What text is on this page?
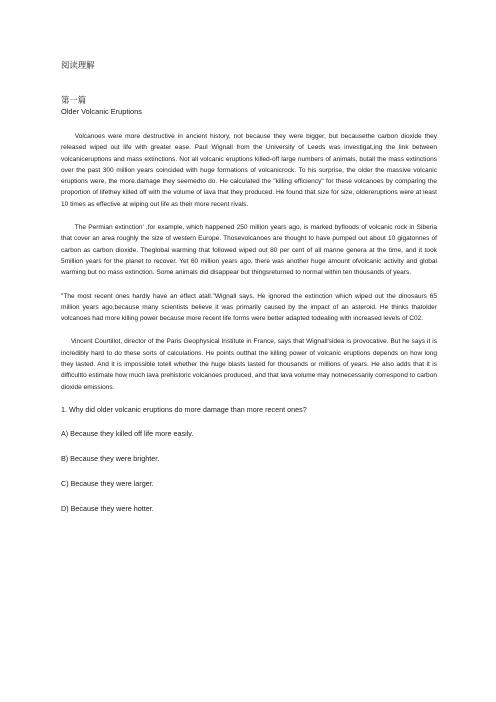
阅读理解

第一篇

Older Volcanic Eruptions

Volcanoes were more destructive in ancient history, not because they were bigger, but becausethe carbon dioxide they released wiped out life with greater ease. Paul Wignall from the University of Leeds was investigat,ing the link between volcaniceruptions and mass extinctions. Not all volcanic eruptions killed-off large numbers of animals, butall the mass extinctions over the past 300 million years coincided with huge formations of volcanicrock. To his surprise, the older the massive volcanic eruptions were, the more.damage they seemedto do. He calculated the "killing efficiency" for these volcanoes by comparing the proportion of lifethey killed off with the volume of lava that they produced. He found that size for size, oldereruptions were at least 10 times as effective at wiping out life as their more recent rivals.

The Permian extinction' ,for example, which happened 250 million years ago, is marked byfloods of volcanic rock in Siberia that cover an area roughly the size of western Europe. Thosevolcanoes are thought to have pumped out about 10 gigatonnes of carbon as carbon dioxide. Theglobal warming that followed wiped out 80 per cent of all manne genera at the time, and it took 5million years for the planet to recover. Yet 60 million years ago, there was another huge amount ofvolcanic activity and global warming but no mass extinction. Some animals did disappear but thingsreturned to normal within ten thousands of years.

"The most recent ones hardly have an effect atall."Wignall says. He ignored the extinction which wiped out the dinosaurs 65 million years ago,because many scientists believe it was primarily caused by the impact of an asteroid. He thinks thatolder volcanoes had more killing power because more recent life forms were better adapted todealing with increased levels of C02.

Vincent Courtillot, director of the Paris Geophysical Institute in France, says that Wignall'sidea is provocative. But he says it is incredibly hard to do these sorts of calculations. He points outthat the killing power of volcanic eruptions depends on how long they lasted. And it is impossible totell whether the huge blasts lasted for thousands or millions of years. He also adds that it is difficultto estimate how much lava prehistoric volcanoes produced, and that lava volume may notnecessarily correspond to carbon dioxide emissions.

1. Why did older volcanic eruptions do more damage than more recent ones?

A) Because they killed off life more easily.

B) Because they were brighter.

C) Because they were larger.

D) Because they were hotter.
